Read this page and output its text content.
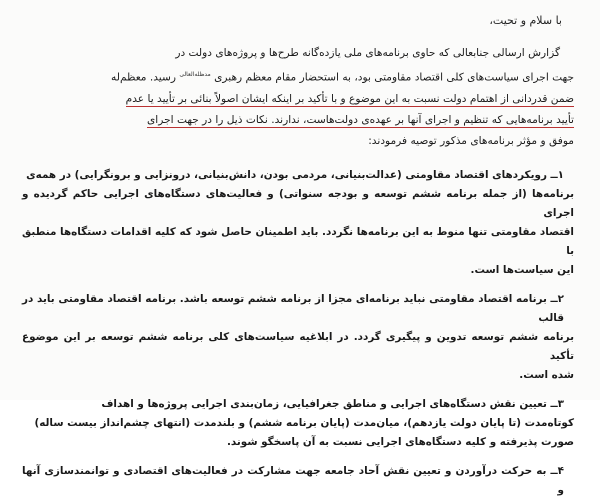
با سلام و تحیت،

گزارش ارسالی جنابعالی که حاوی برنامه‌های ملی یازده‌گانه طرح‌ها و پروژه‌های دولت در

جهت اجرای سیاست‌های کلی اقتصاد مقاومتی بود، به استحضار مقام معظم رهبری $^{مدظله‌العالی}$ رسید. معظم‌له

ضمن قدردانی از اهتمام دولت نسبت به این موضوع و با تأکید بر اینکه ایشان اصولاً بنائی بر تأیید یا عدم

تأیید برنامه‌هایی که تنظیم و اجرای آنها بر عهده‌ی دولت‌هاست، ندارند. نکات ذیل را در جهت اجرای

موفق و مؤثر برنامه‌های مذکور توصیه فرمودند:

۱ــ رویکردهای اقتصاد مقاومتی (عدالت‌بنیانی، مردمی بودن، دانش‌بنیانی، درونزایی و برونگرایی) در همه‌ی

برنامه‌ها (از جمله برنامه ششم توسعه و بودجه سنواتی) و فعالیت‌های دستگاه‌های اجرایی حاکم گردیده و اجرای

اقتصاد مقاومتی تنها منوط به این برنامه‌ها نگردد. باید اطمینان حاصل شود که کلیه اقدامات دستگاه‌ها منطبق با

این سیاست‌ها است.

۲ــ برنامه اقتصاد مقاومتی نباید برنامه‌ای مجزا از برنامه ششم توسعه باشد. برنامه اقتصاد مقاومتی باید در قالب

برنامه ششم توسعه تدوین و پیگیری گردد. در ابلاغیه سیاست‌های کلی برنامه ششم توسعه بر این موضوع تأکید

شده است.

۳ــ تعیین نقش دستگاه‌های اجرایی و مناطق جغرافیایی، زمان‌بندی اجرایی پروژه‌ها و اهداف

کوتاه‌مدت (تا پایان دولت یازدهم)، میان‌مدت (پایان برنامه ششم) و بلندمدت (انتهای چشم‌انداز بیست ساله)

صورت پذیرفته و کلیه دستگاه‌های اجرایی نسبت به آن پاسخگو شوند.

۴ــ به حرکت درآوردن و تعیین نقش آحاد جامعه جهت مشارکت در فعالیت‌های اقتصادی و توانمندسازی آنها و
